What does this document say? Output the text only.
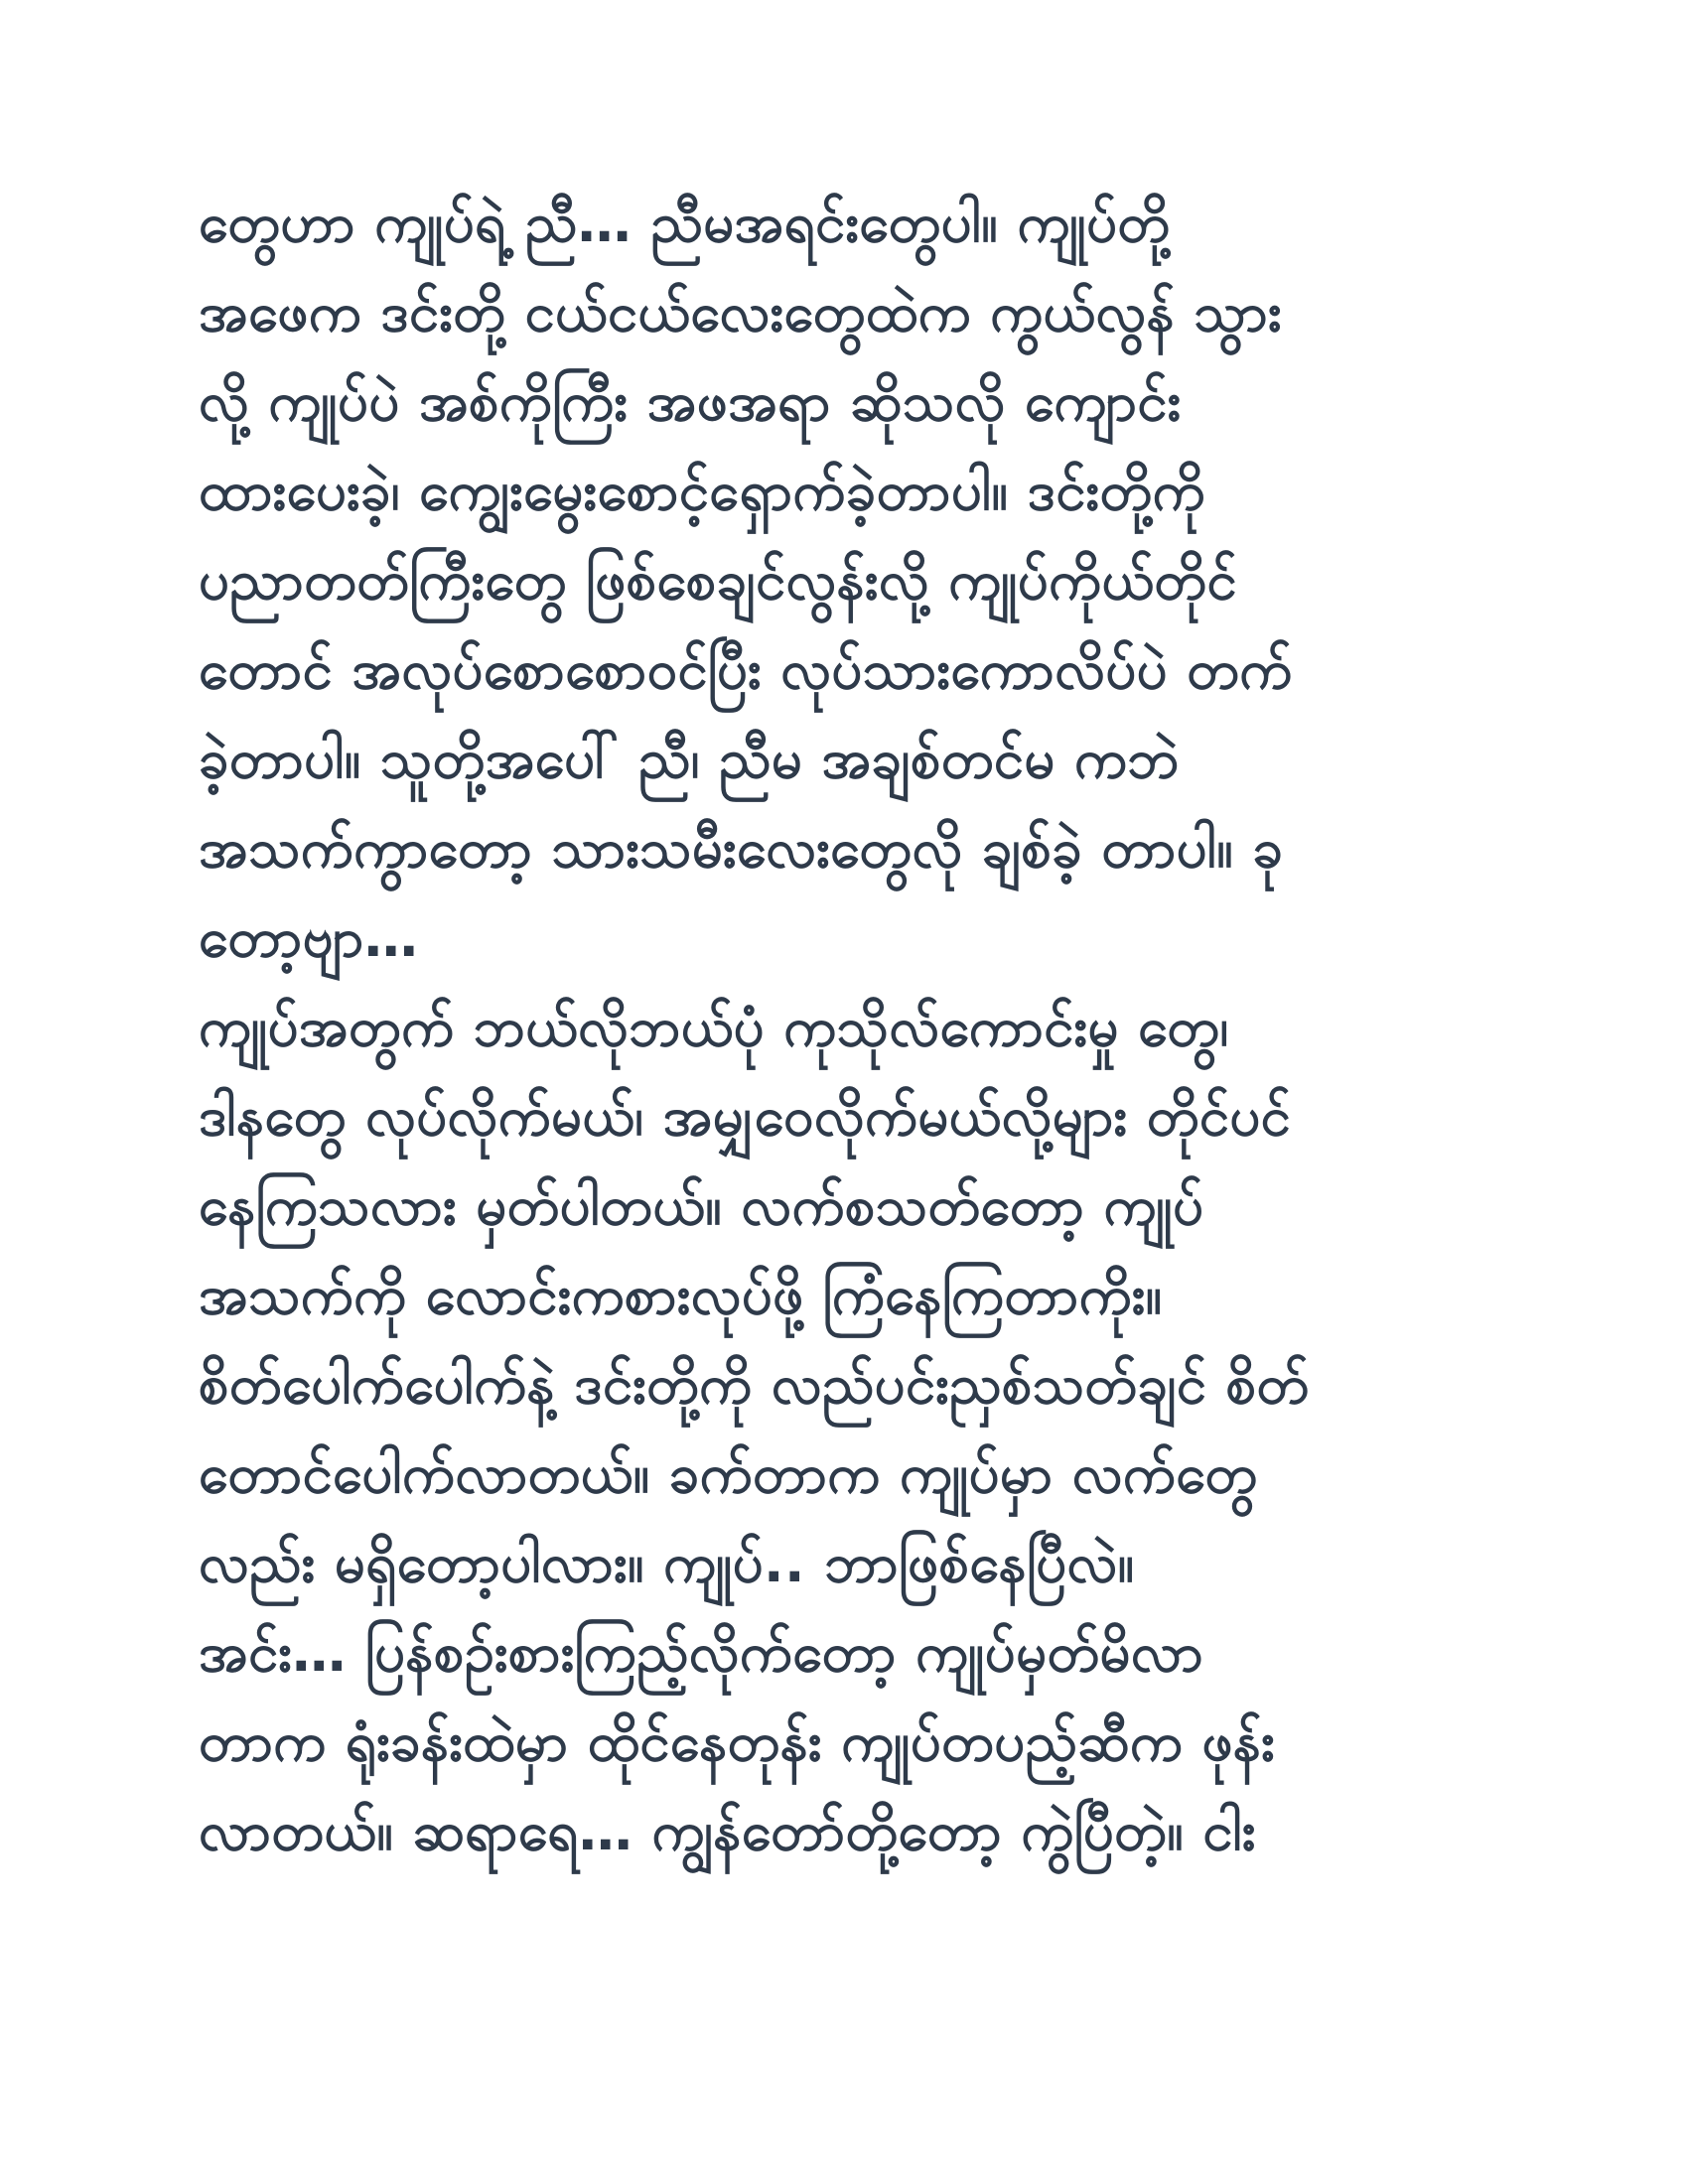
တွေဟာ ကျုပ်ရဲ့ ညီ… ညီမအရင်းတွေပါ။ ကျုပ်တို့
အဖေက ဒင်းတို့ ငယ်ငယ်လေးတွေထဲက ကွယ်လွန် သွား
လို့ ကျုပ်ပဲ အစ်ကိုကြီး အဖအရာ ဆိုသလို ကျောင်း
ထားပေးခဲ့၊ ကျွေးမွေးစောင့်ရှောက်ခဲ့တာပါ။ ဒင်းတို့ကို
ပညာတတ်ကြီးတွေ ဖြစ်စေချင်လွန်းလို့ ကျုပ်ကိုယ်တိုင်
တောင် အလုပ်စောစောဝင်ပြီး လုပ်သားကောလိပ်ပဲ တက်
ခဲ့တာပါ။ သူတို့အပေါ် ညီ၊ ညီမ အချစ်တင်မ ကဘဲ
အသက်ကွာတော့ သားသမီးလေးတွေလို ချစ်ခဲ့ တာပါ။ ခု
တော့ဗျာ…
ကျုပ်အတွက် ဘယ်လိုဘယ်ပုံ ကုသိုလ်ကောင်းမှု တွေ၊
ဒါနတွေ လုပ်လိုက်မယ်၊ အမျှဝေလိုက်မယ်လို့များ တိုင်ပင်
နေကြသလား မှတ်ပါတယ်။ လက်စသတ်တော့ ကျုပ်
အသက်ကို လောင်းကစားလုပ်ဖို့ ကြံနေကြတာကိုး။
စိတ်ပေါက်ပေါက်နဲ့ ဒင်းတို့ကို လည်ပင်းညှစ်သတ်ချင် စိတ်
တောင်ပေါက်လာတယ်။ ခက်တာက ကျုပ်မှာ လက်တွေ
လည်း မရှိတော့ပါလား။ ကျုပ်.. ဘာဖြစ်နေပြီလဲ။
အင်း… ပြန်စဉ်းစားကြည့်လိုက်တော့ ကျုပ်မှတ်မိလာ
တာက ရုံးခန်းထဲမှာ ထိုင်နေတုန်း ကျုပ်တပည့်ဆီက ဖုန်း
လာတယ်။ ဆရာရေ… ကျွန်တော်တို့တော့ ကွဲပြီတဲ့။ ငါး
